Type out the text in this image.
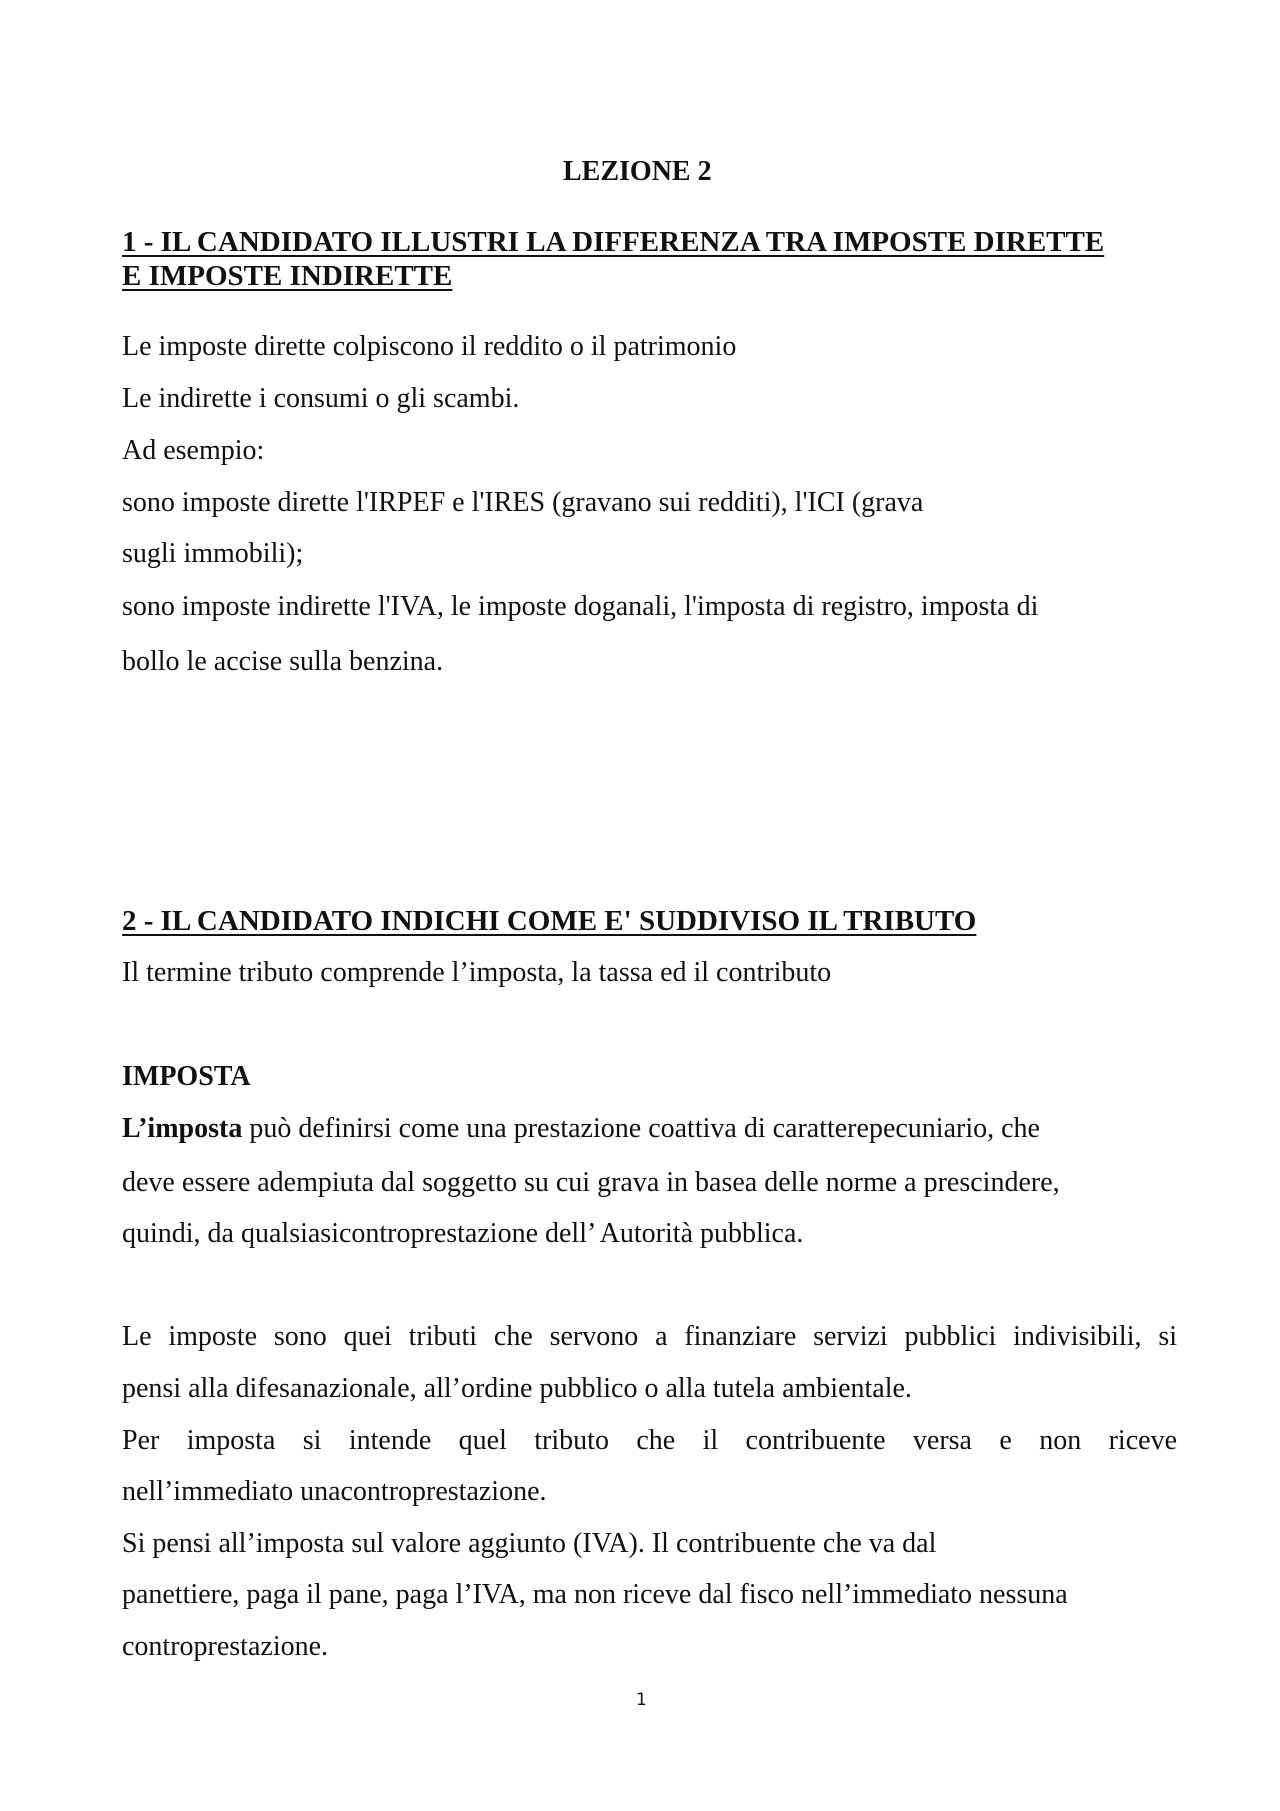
LEZIONE 2
1 - IL CANDIDATO ILLUSTRI LA DIFFERENZA TRA IMPOSTE DIRETTE
E IMPOSTE INDIRETTE
Le imposte dirette colpiscono il reddito o il patrimonio
Le indirette i consumi o gli scambi.
Ad esempio:
sono imposte dirette l'IRPEF e l'IRES (gravano sui redditi), l'ICI (grava
sugli immobili);
sono imposte indirette l'IVA, le imposte doganali, l'imposta di registro, imposta di
bollo le accise sulla benzina.
2 - IL CANDIDATO INDICHI COME E' SUDDIVISO IL TRIBUTO
Il termine tributo comprende l’imposta, la tassa ed il contributo
IMPOSTA
L’imposta può definirsi come una prestazione coattiva di caratterepecuniario, che
deve essere adempiuta dal soggetto su cui grava in basea delle norme a prescindere,
quindi, da qualsiasicontroprestazione dell’ Autorità pubblica.
Le imposte sono quei tributi che servono a finanziare servizi pubblici indivisibili, si
pensi alla difesanazionale, all’ordine pubblico o alla tutela ambientale.
Per imposta si intende quel tributo che il contribuente versa e non riceve
nell’immediato unacontroprestazione.
Si pensi all’imposta sul valore aggiunto (IVA). Il contribuente che va dal
panettiere, paga il pane, paga l’IVA, ma non riceve dal fisco nell’immediato nessuna
controprestazione.
1
